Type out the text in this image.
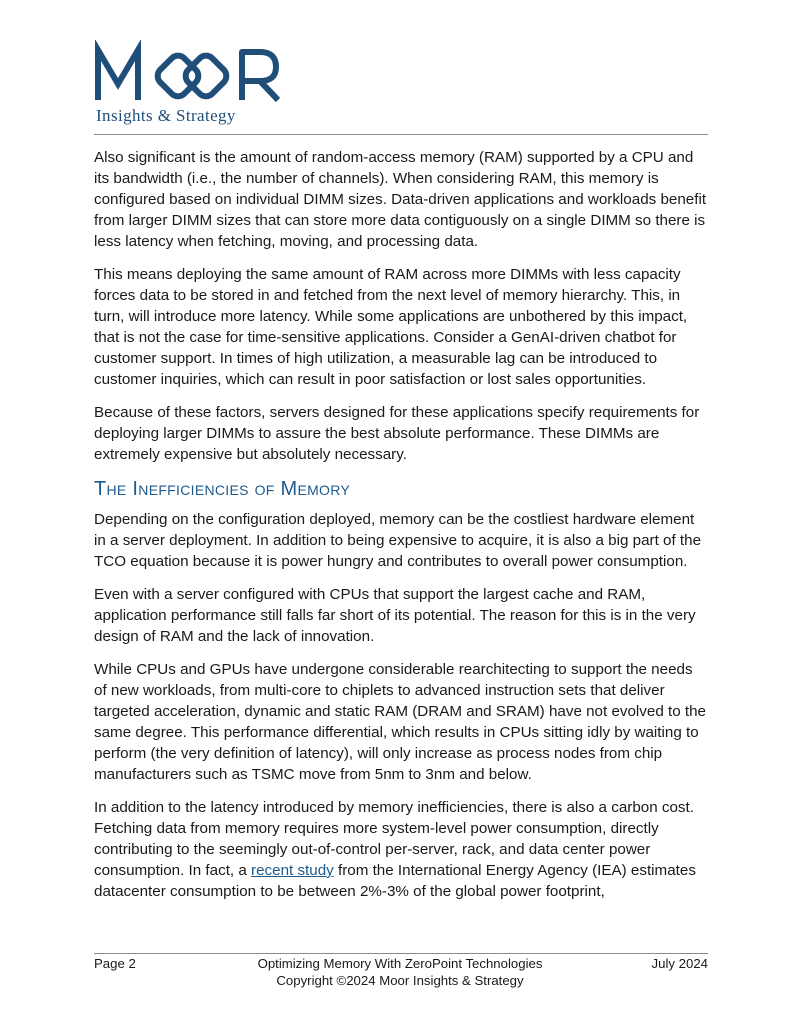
Insights & Strategy

Also significant is the amount of random-access memory (RAM) supported by a CPU and its bandwidth (i.e., the number of channels). When considering RAM, this memory is configured based on individual DIMM sizes. Data-driven applications and workloads benefit from larger DIMM sizes that can store more data contiguously on a single DIMM so there is less latency when fetching, moving, and processing data.

This means deploying the same amount of RAM across more DIMMs with less capacity forces data to be stored in and fetched from the next level of memory hierarchy. This, in turn, will introduce more latency. While some applications are unbothered by this impact, that is not the case for time-sensitive applications. Consider a GenAI-driven chatbot for customer support. In times of high utilization, a measurable lag can be introduced to customer inquiries, which can result in poor satisfaction or lost sales opportunities.

Because of these factors, servers designed for these applications specify requirements for deploying larger DIMMs to assure the best absolute performance. These DIMMs are extremely expensive but absolutely necessary.

The Inefficiencies of Memory

Depending on the configuration deployed, memory can be the costliest hardware element in a server deployment. In addition to being expensive to acquire, it is also a big part of the TCO equation because it is power hungry and contributes to overall power consumption.

Even with a server configured with CPUs that support the largest cache and RAM, application performance still falls far short of its potential. The reason for this is in the very design of RAM and the lack of innovation.

While CPUs and GPUs have undergone considerable rearchitecting to support the needs of new workloads, from multi-core to chiplets to advanced instruction sets that deliver targeted acceleration, dynamic and static RAM (DRAM and SRAM) have not evolved to the same degree. This performance differential, which results in CPUs sitting idly by waiting to perform (the very definition of latency), will only increase as process nodes from chip manufacturers such as TSMC move from 5nm to 3nm and below.

In addition to the latency introduced by memory inefficiencies, there is also a carbon cost. Fetching data from memory requires more system-level power consumption, directly contributing to the seemingly out-of-control per-server, rack, and data center power consumption. In fact, a recent study from the International Energy Agency (IEA) estimates datacenter consumption to be between 2%-3% of the global power footprint,

Page 2	Optimizing Memory With ZeroPoint Technologies
Copyright ©2024 Moor Insights & Strategy
July 2024
